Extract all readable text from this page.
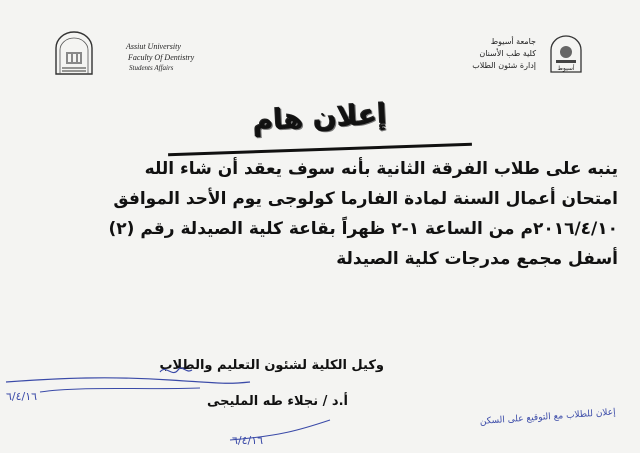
Assiut University
Faculty Of Dentistry
Students Affairs
جامعة أسيوط
كلية طب الأسنان
إدارة شئون الطلاب	أسيوط
إعلان هام
ينبه على طلاب الفرقة الثانية بأنه سوف يعقد أن شاء الله
امتحان أعمال السنة لمادة الفارما كولوجى يوم الأحد الموافق
٢٠١٦/٤/١٠م من الساعة ١-٢ ظهراً بقاعة كلية الصيدلة رقم (٢)
أسفل مجمع مدرجات كلية الصيدلة
وكيل الكلية لشئون التعليم والطلاب
أ.د / نجلاء طه المليجى
٦/٤/١٦
٦/٤/١٦
إعلان للطلاب مع التوقيع على السكن
